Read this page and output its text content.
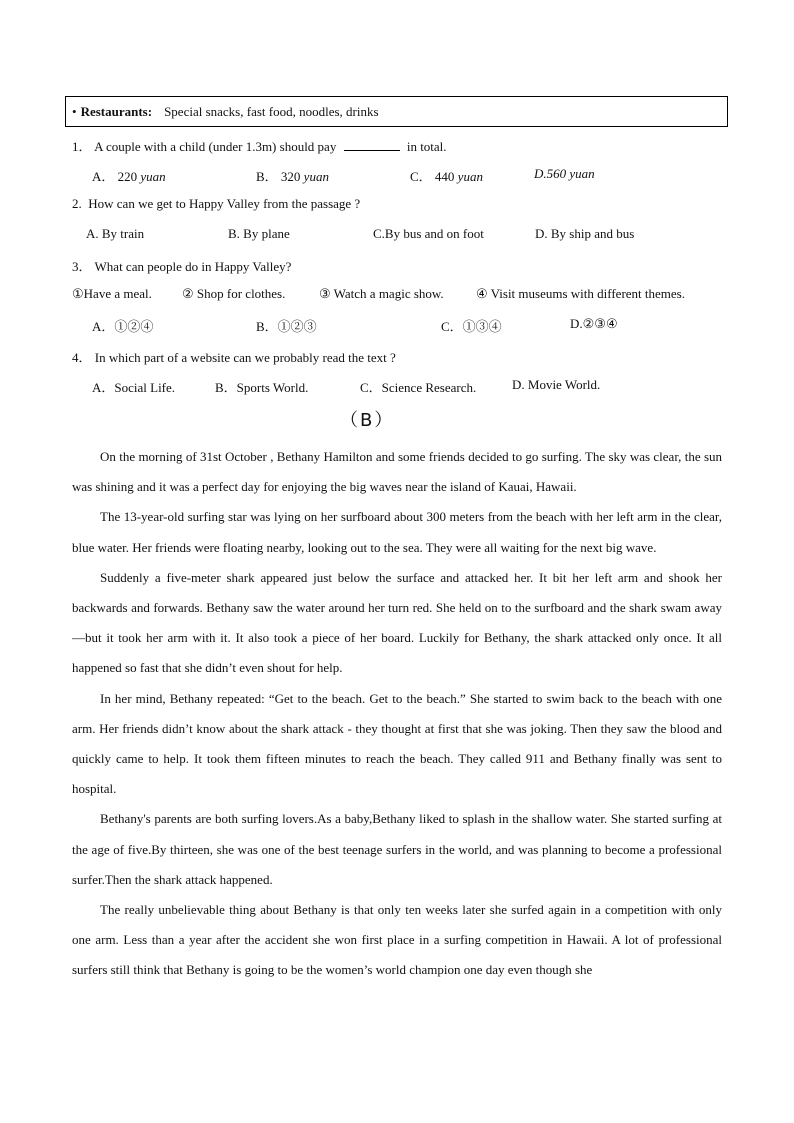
• Restaurants: Special snacks, fast food, noodles, drinks
1． A couple with a child (under 1.3m) should pay	in total.
A． 220 yuan	B． 320 yuan	C． 440 yuan	D.560 yuan
2. How can we get to Happy Valley from the passage ?
A. By train	B. By plane	C.By bus and on foot	D. By ship and bus
3． What can people do in Happy Valley?
①Have a meal. ② Shop for clothes.	③ Watch a magic show. ④ Visit museums with different themes.
A．①②④	B．①②③	C．①③④	D.②③④
4． In which part of a website can we probably read the text ?
A．Social Life.	B．Sports World.	C．Science Research.	D. Movie World.
（B）

On the morning of 31st October , Bethany Hamilton and some friends decided to go surfing. The sky was clear, the sun was shining and it was a perfect day for enjoying the big waves near the island of Kauai, Hawaii.

The 13-year-old surfing star was lying on her surfboard about 300 meters from the beach with her left arm in the clear, blue water. Her friends were floating nearby, looking out to the sea. They were all waiting for the next big wave.

Suddenly a five-meter shark appeared just below the surface and attacked her. It bit her left arm and shook her backwards and forwards. Bethany saw the water around her turn red. She held on to the surfboard and the shark swam away—but it took her arm with it. It also took a piece of her board. Luckily for Bethany, the shark attacked only once. It all happened so fast that she didn’t even shout for help.

In her mind, Bethany repeated: “Get to the beach. Get to the beach.” She started to swim back to the beach with one arm. Her friends didn’t know about the shark attack - they thought at first that she was joking. Then they saw the blood and quickly came to help. It took them fifteen minutes to reach the beach. They called 911 and Bethany finally was sent to hospital.

Bethany's parents are both surfing lovers.As a baby,Bethany liked to splash in the shallow water. She started surfing at the age of five.By thirteen, she was one of the best teenage surfers in the world, and was planning to become a professional surfer.Then the shark attack happened.

The really unbelievable thing about Bethany is that only ten weeks later she surfed again in a competition with only one arm. Less than a year after the accident she won first place in a surfing competition in Hawaii. A lot of professional surfers still think that Bethany is going to be the women’s world champion one day even though she
